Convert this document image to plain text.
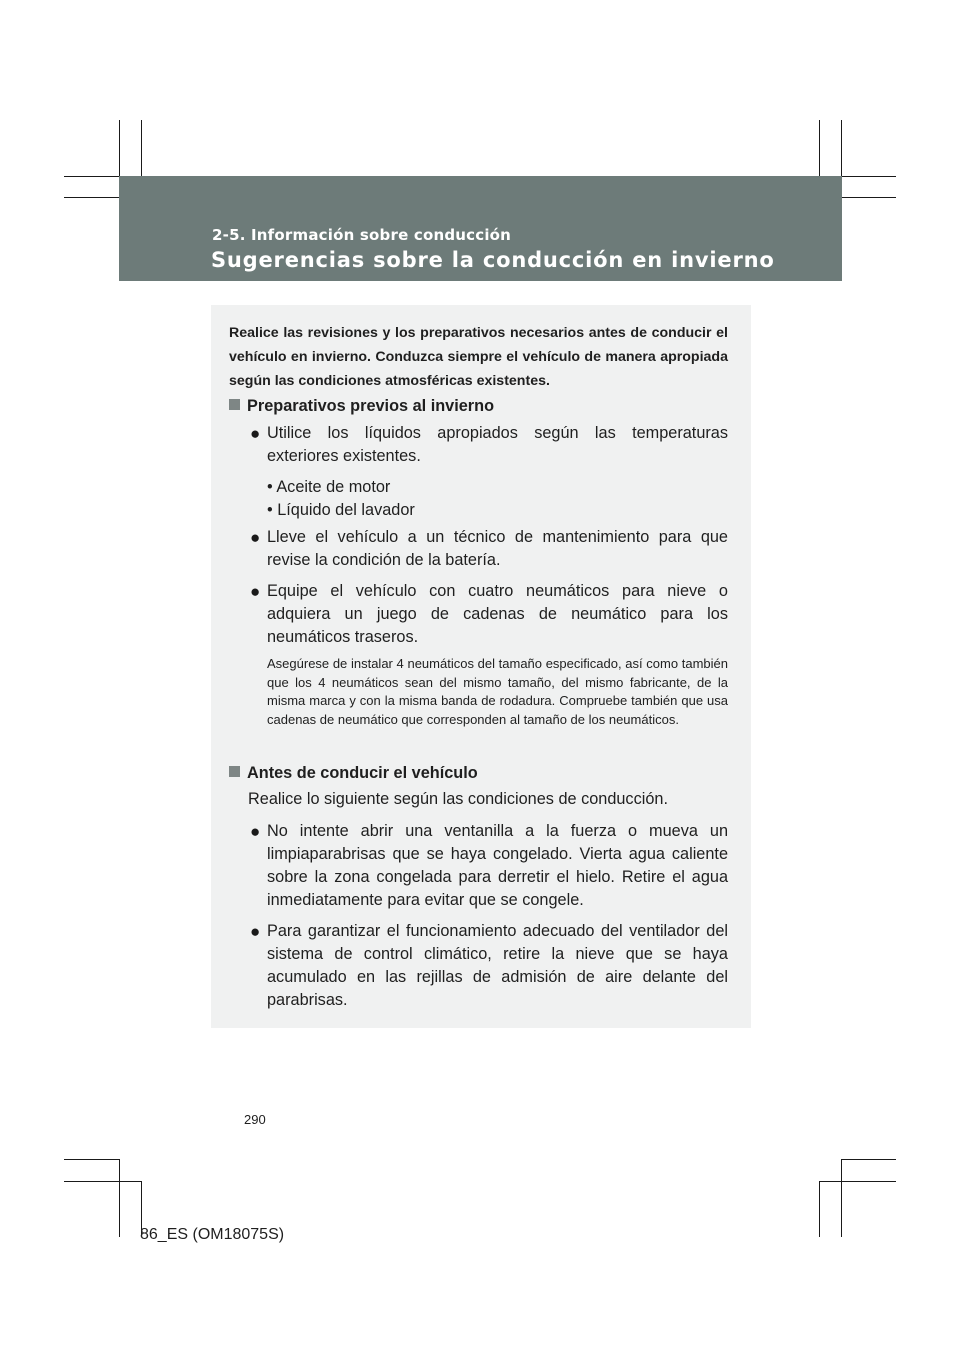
2-5. Información sobre conducción
Sugerencias sobre la conducción en invierno
Realice las revisiones y los preparativos necesarios antes de conducir el vehículo en invierno. Conduzca siempre el vehículo de manera apropiada según las condiciones atmosféricas existentes.
Preparativos previos al invierno
● Utilice los líquidos apropiados según las temperaturas exteriores existentes.
• Aceite de motor
• Líquido del lavador
● Lleve el vehículo a un técnico de mantenimiento para que revise la condición de la batería.
● Equipe el vehículo con cuatro neumáticos para nieve o adquiera un juego de cadenas de neumático para los neumáticos traseros.
Asegúrese de instalar 4 neumáticos del tamaño especificado, así como también que los 4 neumáticos sean del mismo tamaño, del mismo fabricante, de la misma marca y con la misma banda de rodadura. Compruebe también que usa cadenas de neumático que corresponden al tamaño de los neumáticos.
Antes de conducir el vehículo
Realice lo siguiente según las condiciones de conducción.
● No intente abrir una ventanilla a la fuerza o mueva un limpiaparabrisas que se haya congelado. Vierta agua caliente sobre la zona congelada para derretir el hielo. Retire el agua inmediatamente para evitar que se congele.
● Para garantizar el funcionamiento adecuado del ventilador del sistema de control climático, retire la nieve que se haya acumulado en las rejillas de admisión de aire delante del parabrisas.
290
86_ES (OM18075S)
